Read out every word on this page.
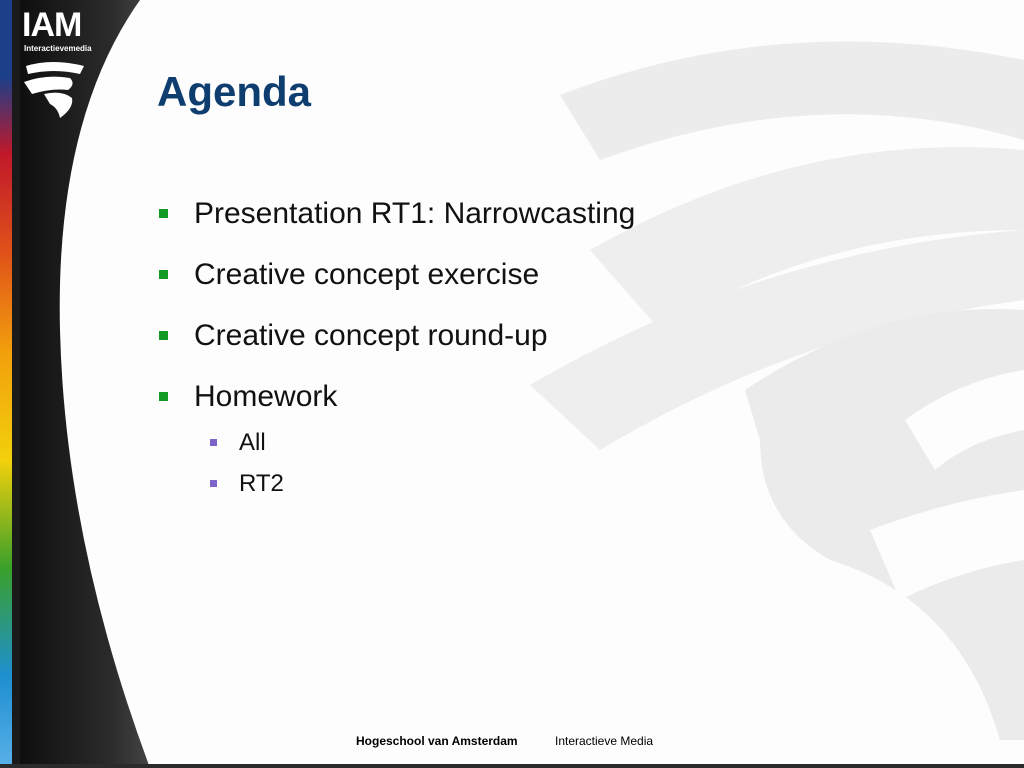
IAM
Interactievemedia
Agenda
Presentation RT1: Narrowcasting
Creative concept exercise
Creative concept round-up
Homework
All
RT2
Hogeschool van Amsterdam	Interactieve Media
